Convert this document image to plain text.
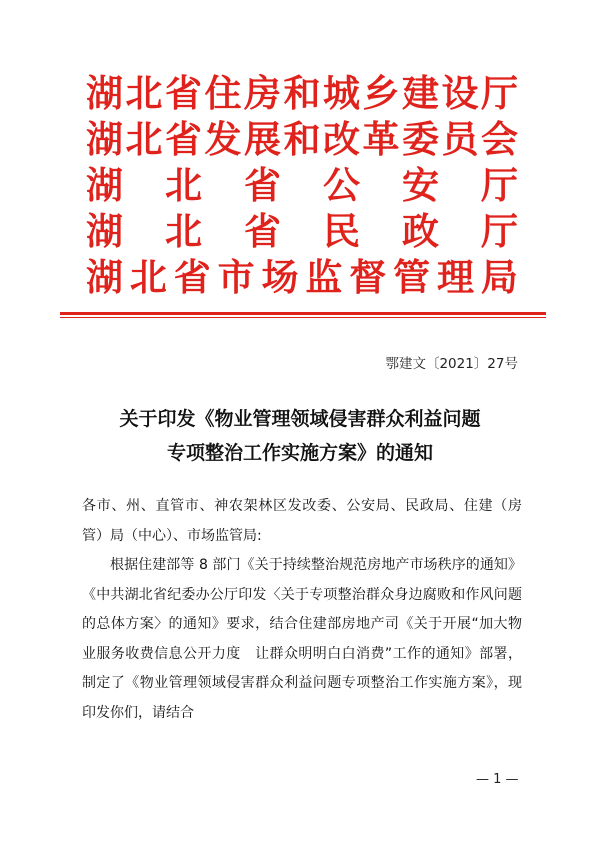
湖 北 省 住 房 和 城 乡 建 设 厅
湖 北 省 发 展 和 改 革 委 员 会
湖 北 省 公 安 厅
湖 北 省 民 政 厅
湖 北 省 市 场 监 督 管 理 局
鄂建文〔2021〕27号
关于印发《物业管理领域侵害群众利益问题
专项整治工作实施方案》的通知

各市、州、直管市、神农架林区发改委、公安局、民政局、住建（房管）局（中心）、市场监管局:

根据住建部等 8 部门《关于持续整治规范房地产市场秩序的通知》《中共湖北省纪委办公厅印发〈关于专项整治群众身边腐败和作风问题的总体方案〉的通知》要求，结合住建部房地产司《关于开展“加大物业服务收费信息公开力度　让群众明明白白消费”工作的通知》部署，制定了《物业管理领域侵害群众利益问题专项整治工作实施方案》，现印发你们，请结合

— 1 —
